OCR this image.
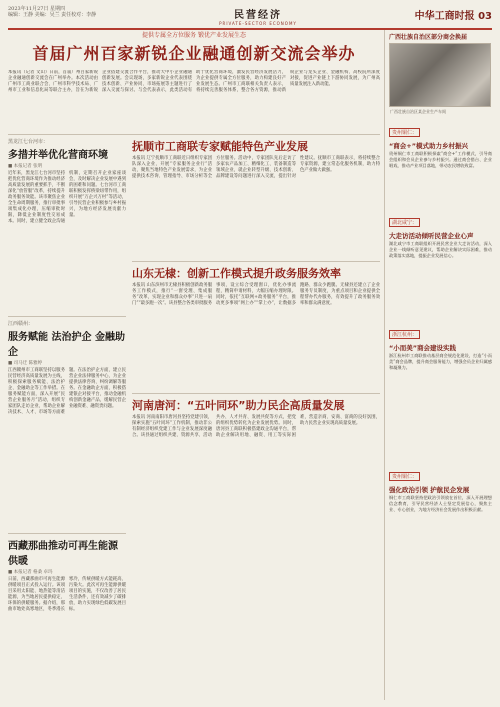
2023年11月27日 星期四
编辑：王静 美编：吴兰 责任校对：李静	民营经济
PRIVATE-SECTOR ECONOMY
中华工商时报 03
提供专属全方位服务 锻优产业发展生态
首届广州百家新锐企业融通创新交流会举办
本报讯（记者 文山）日前，首届广州百家新锐企业融通创新交流会在广州举办。本次活动由广州市工商业联合会、广州市科学技术局、广州市工业和信息化局等联合主办，旨在为新锐企业搭建交流合作平台，推动大中小企业融通创新发展。会议现场，多家新锐企业代表围绕技术创新、产业协同、市场拓展等主题进行了深入交流与探讨。与会代表表示，此类活动有助于优化营商环境，激发民营经济发展活力，为企业提供专属全方位服务，助力构建良好产业发展生态。广州市工商联相关负责人表示，将持续完善服务体系，整合各方资源，推动新锐企业与龙头企业、金融机构、高校院所深度对接，促进产业链上下游协同发展，为广州高质量发展注入新动能。
黑龙江七台河市：
多措并举优化营商环境
■ 本报记者 张明
近年来，黑龙江七台河市坚持把优化营商环境作为推动经济高质量发展的重要抓手，不断深化“放管服”改革，持续提升政务服务效能。该市聚焦企业全生命周期服务，推行审批事项集成化办理，压缩审批时限，降低企业制度性交易成本。同时，建立健全政企沟通机制，定期召开企业家座谈会，及时解决企业发展中遇到的困难和问题。七台河市工商联积极发挥桥梁纽带作用，组织开展“万企兴万村”等活动，引导民营企业积极参与乡村振兴，为地方经济发展贡献力量。
江西赣州：
服务赋能 法治护企 金融助企
■ 司马迁 陈雅婷
江西赣州市工商联坚持以服务民营经济高质量发展为主线，积极探索服务赋能、法治护企、金融助企等工作举措。在服务赋能方面，深入开展“民营企业服务月”活动，组织专家团队走访企业，帮助企业解决技术、人才、市场等方面难题。在法治护企方面，建立民营企业法律服务中心，为企业提供法律咨询、纠纷调解等服务。在金融助企方面，积极搭建银企对接平台，推动金融机构创新金融产品，缓解民营企业融资难、融资贵问题。
西藏那曲推动可再生能源供暖
■ 本报记者 格桑 卓玛
日前，西藏那曲市可再生能源供暖项目正式投入运行。该项目采用太阳能、地热能等清洁能源，为当地居民提供稳定、环保的供暖服务。据介绍，那曲市地处高寒地区，冬季漫长寒冷，传统供暖方式能耗高、污染大。此次可再生能源供暖项目的实施，不仅改善了居民生活条件，还有效减少了碳排放，助力实现绿色低碳发展目标。
抚顺市工商联专家赋能特色产业发展
本报讯 辽宁抚顺市工商联近日组织专家团队深入企业，开展“专家服务企业行”活动，聚焦当地特色产业发展需求，为企业提供技术咨询、管理指导、市场分析等全方位服务。活动中，专家团队先后走访了多家农产品加工、精细化工、装备制造等领域企业，就企业转型升级、技术创新、品牌建设等问题进行深入交流，提出针对性建议。抚顺市工商联表示，将持续整合专家资源，建立常态化服务机制，助力特色产业做大做强。
山东无棣：创新工作模式提升政务服务效率
本报讯 山东滨州市无棣县积极创新政务服务工作模式，推行“一窗受理、集成服务”改革，实现企业和群众办事“只进一扇门”“最多跑一次”。该县整合各类审批服务事项，设立综合受理窗口，优化办事流程，精简申请材料，大幅压缩办理时限。同时，依托“互联网+政务服务”平台，推动更多事项“网上办”“掌上办”，让数据多跑路、群众少跑腿。无棣县还建立了企业服务专员制度，为重点项目和企业提供全程帮办代办服务，有效提升了政务服务效率和群众满意度。
河南唐河：“五叶同环”助力民企高质量发展
本报讯 河南南阳市唐河县坚持党建引领，探索实施“五叶同环”工作机制，推动非公有制经济组织党建工作与企业发展深度融合。该县通过组织共建、资源共享、活动共办、人才共育、发展共促等方式，把党的组织优势转化为企业发展优势。同时，唐河县工商联积极搭建政企沟通平台，帮助企业解决用地、融资、用工等实际困难，营造亲商、安商、富商的良好氛围，助力民营企业实现高质量发展。
广西壮族自治区部分商会换届
广西壮族自治区某企业生产车间
贵州铜仁：
“商会+”模式助力乡村振兴
贵州铜仁市工商联积极探索“商会+”工作模式，引导商会组织和会员企业参与乡村振兴。通过商会搭台、企业唱戏，推动产业项目落地，带动农民增收致富。
湖北咸宁：
大走访活动倾听民营企业心声
湖北咸宁市工商联组织开展民营企业大走访活动，深入企业一线倾听意见建议，帮助企业解决实际困难，推动政策落实落地，提振企业发展信心。
浙江杭州：
“小而美”商会建设实践
浙江杭州市工商联推动基层商会规范化建设，打造“小而美”商会品牌，提升商会服务能力，增强会员企业归属感和凝聚力。
贵州铜仁：
强化政治引领 护航民企发展
铜仁市工商联坚持把政治引领放在首位，深入开展理想信念教育，引导民营经济人士坚定发展信心，聚焦主业、专心创业，为地方经济社会发展作出积极贡献。
